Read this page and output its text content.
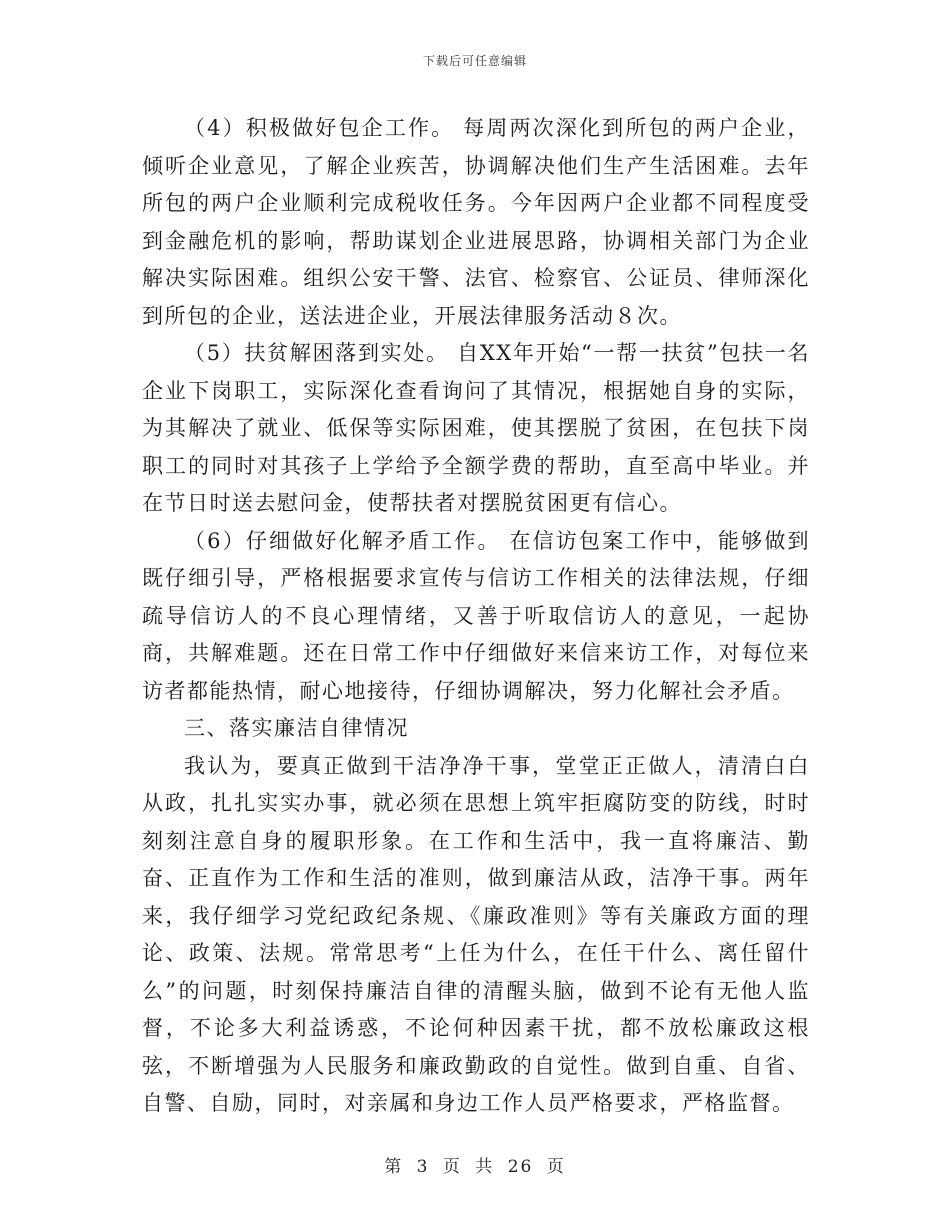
下载后可任意编辑

（4）积极做好包企工作。 每周两次深化到所包的两户企业，倾听企业意见，了解企业疾苦，协调解决他们生产生活困难。去年所包的两户企业顺利完成税收任务。今年因两户企业都不同程度受到金融危机的影响，帮助谋划企业进展思路，协调相关部门为企业解决实际困难。组织公安干警、法官、检察官、公证员、律师深化到所包的企业，送法进企业，开展法律服务活动８次。

（5）扶贫解困落到实处。 自XX年开始“一帮一扶贫”包扶一名企业下岗职工，实际深化查看询问了其情况，根据她自身的实际，为其解决了就业、低保等实际困难，使其摆脱了贫困，在包扶下岗职工的同时对其孩子上学给予全额学费的帮助，直至高中毕业。并在节日时送去慰问金，使帮扶者对摆脱贫困更有信心。

（6）仔细做好化解矛盾工作。 在信访包案工作中，能够做到既仔细引导，严格根据要求宣传与信访工作相关的法律法规，仔细疏导信访人的不良心理情绪，又善于听取信访人的意见，一起协商，共解难题。还在日常工作中仔细做好来信来访工作，对每位来访者都能热情，耐心地接待，仔细协调解决，努力化解社会矛盾。

三、落实廉洁自律情况

我认为，要真正做到干洁净净干事，堂堂正正做人，清清白白从政，扎扎实实办事，就必须在思想上筑牢拒腐防变的防线，时时刻刻注意自身的履职形象。在工作和生活中，我一直将廉洁、勤奋、正直作为工作和生活的准则，做到廉洁从政，洁净干事。两年来，我仔细学习党纪政纪条规、《廉政准则》等有关廉政方面的理论、政策、法规。常常思考“上任为什么，在任干什么、离任留什么”的问题，时刻保持廉洁自律的清醒头脑，做到不论有无他人监督，不论多大利益诱惑，不论何种因素干扰，都不放松廉政这根弦，不断增强为人民服务和廉政勤政的自觉性。做到自重、自省、自警、自励，同时，对亲属和身边工作人员严格要求，严格监督。

第 3 页 共 26 页
